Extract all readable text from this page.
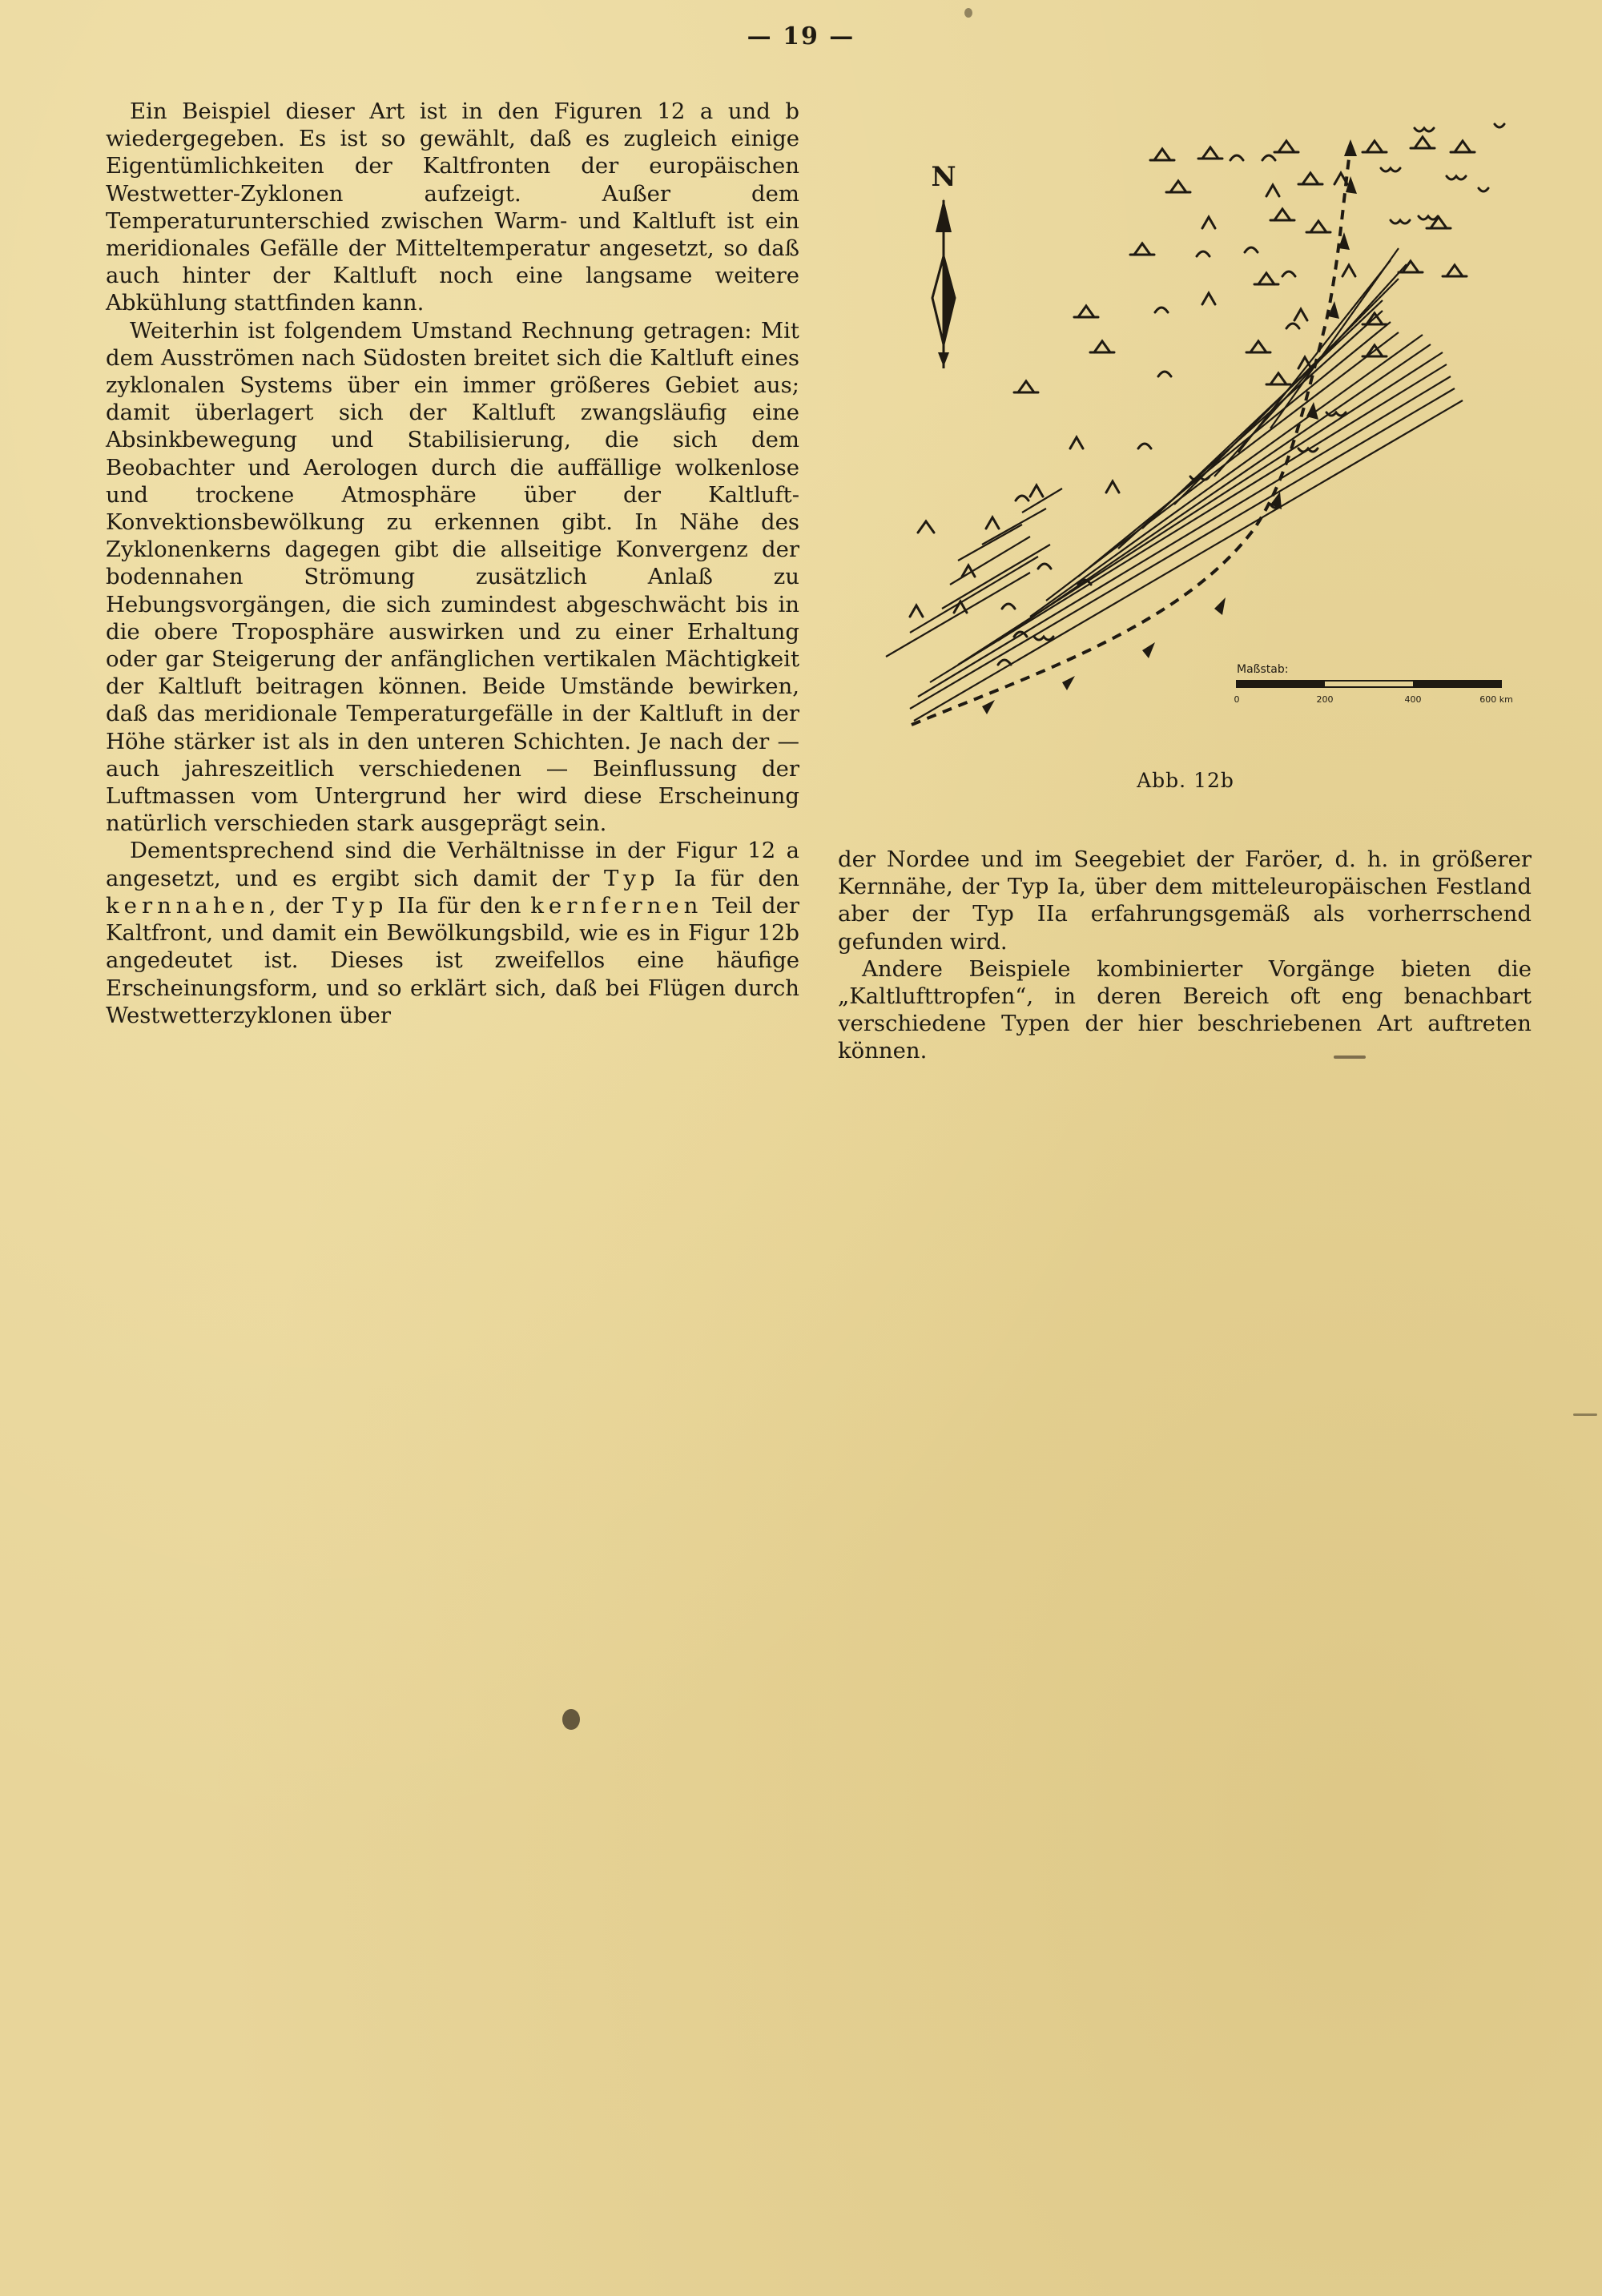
— 19 —

Ein Beispiel dieser Art ist in den Figuren 12 a und b wiedergegeben. Es ist so gewählt, daß es zugleich einige Eigentümlichkeiten der Kaltfronten der europäischen Westwetter-Zyklonen aufzeigt. Außer dem Temperaturunterschied zwischen Warm- und Kaltluft ist ein meridionales Gefälle der Mitteltemperatur angesetzt, so daß auch hinter der Kaltluft noch eine langsame weitere Abkühlung stattfinden kann.

Weiterhin ist folgendem Umstand Rechnung getragen: Mit dem Ausströmen nach Südosten breitet sich die Kaltluft eines zyklonalen Systems über ein immer größeres Gebiet aus; damit überlagert sich der Kaltluft zwangsläufig eine Absinkbewegung und Stabilisierung, die sich dem Beobachter und Aerologen durch die auffällige wolkenlose und trockene Atmosphäre über der Kaltluft-Konvektionsbewölkung zu erkennen gibt. In Nähe des Zyklonenkerns dagegen gibt die allseitige Konvergenz der bodennahen Strömung zusätzlich Anlaß zu Hebungsvorgängen, die sich zumindest abgeschwächt bis in die obere Troposphäre auswirken und zu einer Erhaltung oder gar Steigerung der anfänglichen vertikalen Mächtigkeit der Kaltluft beitragen können. Beide Umstände bewirken, daß das meridionale Temperaturgefälle in der Kaltluft in der Höhe stärker ist als in den unteren Schichten. Je nach der — auch jahreszeitlich verschiedenen — Beinflussung der Luftmassen vom Untergrund her wird diese Erscheinung natürlich verschieden stark ausgeprägt sein.

Dementsprechend sind die Verhältnisse in der Figur 12 a angesetzt, und es ergibt sich damit der Typ Ia für den kernnahen, der Typ IIa für den kernfernen Teil der Kaltfront, und damit ein Bewölkungsbild, wie es in Figur 12b angedeutet ist. Dieses ist zweifellos eine häufige Erscheinungsform, und so erklärt sich, daß bei Flügen durch Westwetterzyklonen über

N
Maßstab:
0	200	400	600 km
Abb. 12b

der Nordee und im Seegebiet der Faröer, d. h. in größerer Kernnähe, der Typ Ia, über dem mitteleuropäischen Festland aber der Typ IIa erfahrungsgemäß als vorherrschend gefunden wird.

Andere Beispiele kombinierter Vorgänge bieten die „Kaltlufttropfen“, in deren Bereich oft eng benachbart verschiedene Typen der hier beschriebenen Art auftreten können.
